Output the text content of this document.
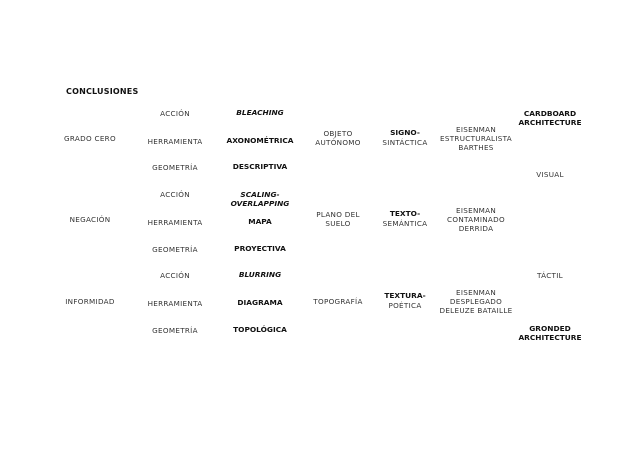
CONCLUSIONES
GRADO CERO
NEGACIÓN
INFORMIDAD
ACCIÓN
HERRAMIENTA
GEOMETRÍA
ACCIÓN
HERRAMIENTA
GEOMETRÍA
ACCIÓN
HERRAMIENTA
GEOMETRÍA
BLEACHING
AXONOMÉTRICA
DESCRIPTIVA
SCALING-
OVERLAPPING
MAPA
PROYECTIVA
BLURRING
DIAGRAMA
TOPOLÓGICA
OBJETO
AUTÓNOMO
PLANO DEL
SUELO
TOPOGRAFÍA
SIGNO-
SINTÁCTICA
TEXTO-
SEMÁNTICA
TEXTURA-
POÉTICA
EISENMAN
ESTRUCTURALISTA
BARTHES
EISENMAN
CONTAMINADO
DERRIDA
EISENMAN
DESPLEGADO
DELEUZE BATAILLE
CARDBOARD
ARCHITECTURE
VISUAL
TÁCTIL
GRONDED
ARCHITECTURE
